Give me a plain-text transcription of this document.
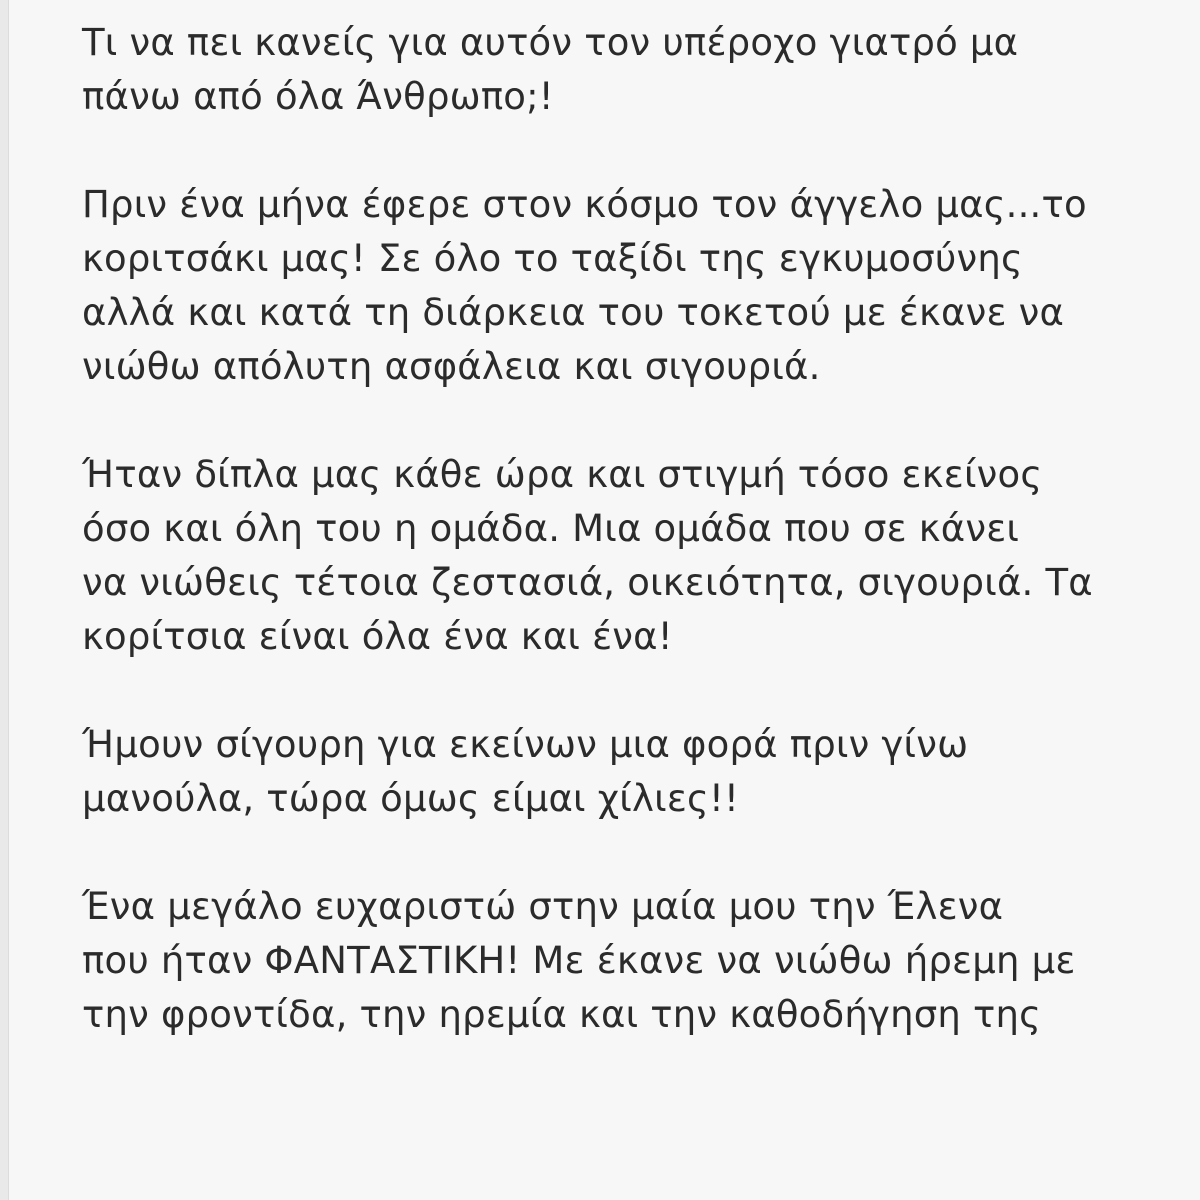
Τι να πει κανείς για αυτόν τον υπέροχο γιατρό μα
πάνω από όλα Άνθρωπο;!

Πριν ένα μήνα έφερε στον κόσμο τον άγγελο μας...το
κοριτσάκι μας! Σε όλο το ταξίδι της εγκυμοσύνης
αλλά και κατά τη διάρκεια του τοκετού με έκανε να
νιώθω απόλυτη ασφάλεια και σιγουριά.

Ήταν δίπλα μας κάθε ώρα και στιγμή τόσο εκείνος
όσο και όλη του η ομάδα. Μια ομάδα που σε κάνει
να νιώθεις τέτοια ζεστασιά, οικειότητα, σιγουριά. Τα
κορίτσια είναι όλα ένα και ένα!

Ήμουν σίγουρη για εκείνων μια φορά πριν γίνω
μανούλα, τώρα όμως είμαι χίλιες!!

Ένα μεγάλο ευχαριστώ στην μαία μου την Έλενα
που ήταν ΦΑΝΤΑΣΤΙΚΗ! Με έκανε να νιώθω ήρεμη με
την φροντίδα, την ηρεμία και την καθοδήγηση της
